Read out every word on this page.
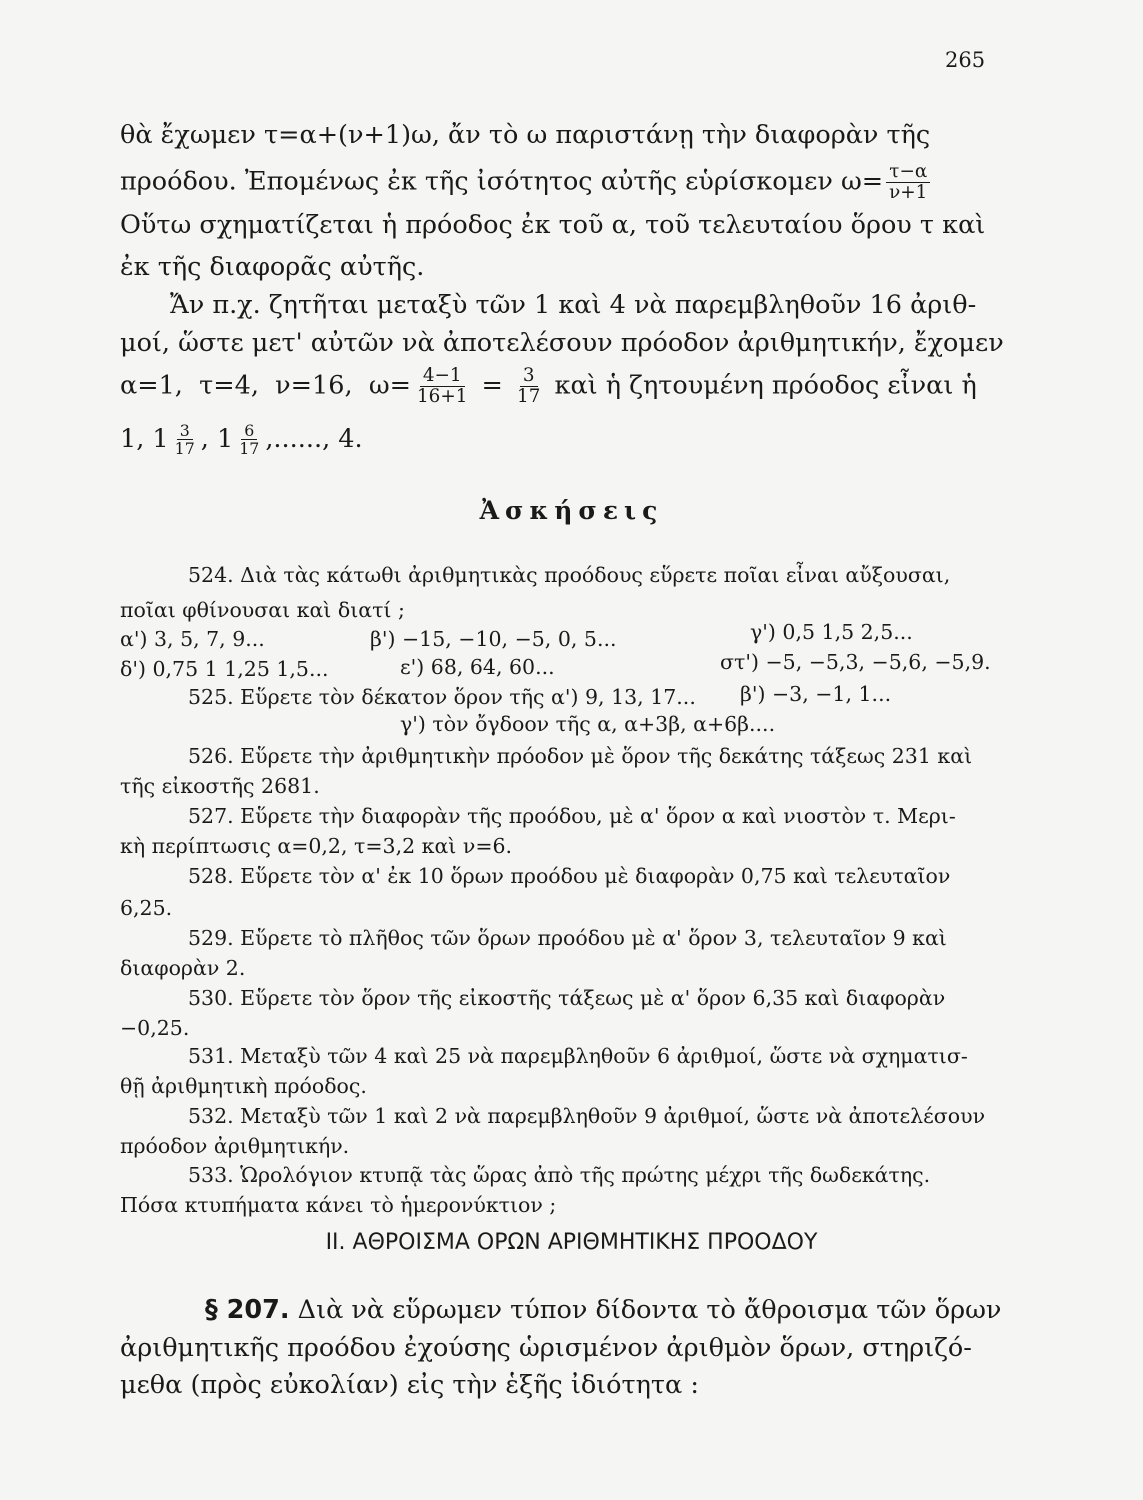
265
θὰ ἔχωμεν τ=α+(ν+1)ω, ἄν τὸ ω παριστάνῃ τὴν διαφορὰν τῆς
προόδου. Ἐπομένως ἐκ τῆς ἰσότητος αὐτῆς εὑρίσκομεν $\omega= \frac{\tau-\alpha}{\nu+1}$
Οὕτω σχηματίζεται ἡ πρόοδος ἐκ τοῦ α, τοῦ τελευταίου ὅρου τ καὶ
ἐκ τῆς διαφορᾶς αὐτῆς.
Ἄν π.χ. ζητῆται μεταξὺ τῶν 1 καὶ 4 νὰ παρεμβληθοῦν 16 ἀριθ-
μοί, ὥστε μετ' αὐτῶν νὰ ἀποτελέσουν πρόοδον ἀριθμητικήν, ἔχομεν
α=1, τ=4, ν=16, $\omega= \frac{4-1}{16+1} = \frac{3}{17}$ καὶ ἡ ζητουμένη πρόοδος εἶναι ἡ
1, $1 \frac{3}{17}$ , $1 \frac{6}{17}$ ,......, 4.
Ἀσκήσεις
524. Διὰ τὰς κάτωθι ἀριθμητικὰς προόδους εὕρετε ποῖαι εἶναι αὔξουσαι,
ποῖαι φθίνουσαι καὶ διατί ;
α') 3, 5, 7, 9...	β') −15, −10, −5, 0, 5...	γ') 0,5 1,5 2,5...
δ') 0,75 1 1,25 1,5...	ε') 68, 64, 60...	στ') −5, −5,3, −5,6, −5,9.
525. Εὕρετε τὸν δέκατον ὅρον τῆς α') 9, 13, 17... β') −3, −1, 1...
γ') τὸν ὄγδοον τῆς α, α+3β, α+6β....
526. Εὕρετε τὴν ἀριθμητικὴν πρόοδον μὲ ὅρον τῆς δεκάτης τάξεως 231 καὶ
τῆς εἰκοστῆς 2681.
527. Εὕρετε τὴν διαφορὰν τῆς προόδου, μὲ α' ὅρον α καὶ νιοστὸν τ. Μερι-
κὴ περίπτωσις α=0,2, τ=3,2 καὶ ν=6.
528. Εὕρετε τὸν α' ἐκ 10 ὅρων προόδου μὲ διαφορὰν 0,75 καὶ τελευταῖον
6,25.
529. Εὕρετε τὸ πλῆθος τῶν ὅρων προόδου μὲ α' ὅρον 3, τελευταῖον 9 καὶ
διαφορὰν 2.
530. Εὕρετε τὸν ὅρον τῆς εἰκοστῆς τάξεως μὲ α' ὅρον 6,35 καὶ διαφορὰν
−0,25.
531. Μεταξὺ τῶν 4 καὶ 25 νὰ παρεμβληθοῦν 6 ἀριθμοί, ὥστε νὰ σχηματισ-
θῇ ἀριθμητικὴ πρόοδος.
532. Μεταξὺ τῶν 1 καὶ 2 νὰ παρεμβληθοῦν 9 ἀριθμοί, ὥστε νὰ ἀποτελέσουν
πρόοδον ἀριθμητικήν.
533. Ὡρολόγιον κτυπᾷ τὰς ὥρας ἀπὸ τῆς πρώτης μέχρι τῆς δωδεκάτης.
Πόσα κτυπήματα κάνει τὸ ἡμερονύκτιον ;
II. ΑΘΡΟΙΣΜΑ ΟΡΩΝ ΑΡΙΘΜΗΤΙΚΗΣ ΠΡΟΟΔΟΥ
§ 207. Διὰ νὰ εὕρωμεν τύπον δίδοντα τὸ ἄθροισμα τῶν ὅρων
ἀριθμητικῆς προόδου ἐχούσης ὡρισμένον ἀριθμὸν ὅρων, στηριζό-
μεθα (πρὸς εὐκολίαν) εἰς τὴν ἑξῆς ἰδιότητα :
